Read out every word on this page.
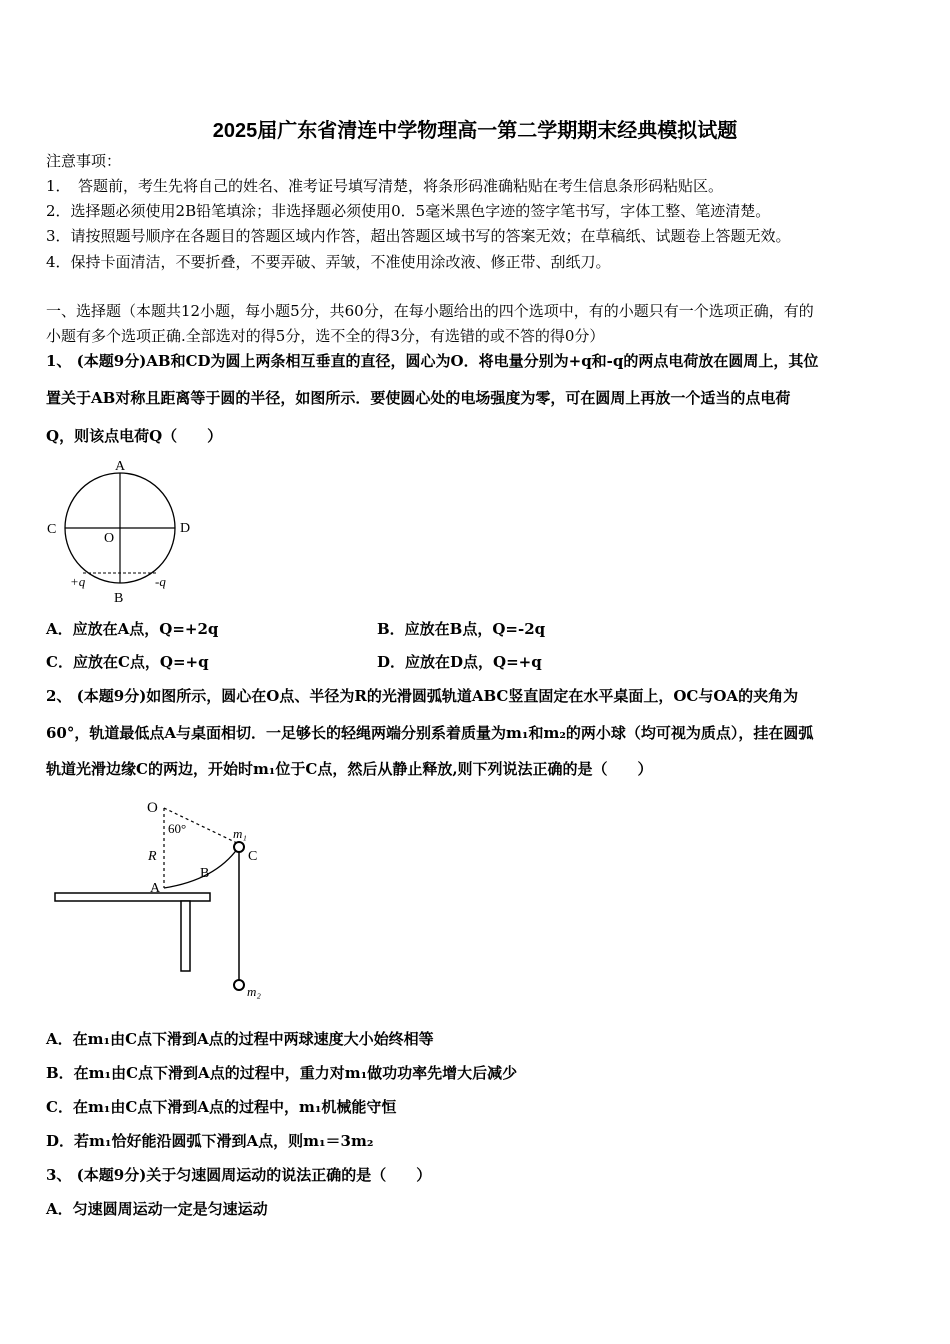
2025届广东省清连中学物理高一第二学期期末经典模拟试题
注意事项：
1．　答题前，考生先将自己的姓名、准考证号填写清楚，将条形码准确粘贴在考生信息条形码粘贴区。
2．选择题必须使用2B铅笔填涂；非选择题必须使用0．5毫米黑色字迹的签字笔书写，字体工整、笔迹清楚。
3．请按照题号顺序在各题目的答题区域内作答，超出答题区域书写的答案无效；在草稿纸、试题卷上答题无效。
4．保持卡面清洁，不要折叠，不要弄破、弄皱，不准使用涂改液、修正带、刮纸刀。
一、选择题（本题共12小题，每小题5分，共60分，在每小题给出的四个选项中，有的小题只有一个选项正确，有的
小题有多个选项正确.全部选对的得5分，选不全的得3分，有选错的或不答的得0分）
1、 (本题9分)AB和CD为圆上两条相互垂直的直径，圆心为O．将电量分别为+q和-q的两点电荷放在圆周上，其位
置关于AB对称且距离等于圆的半径，如图所示．要使圆心处的电场强度为零，可在圆周上再放一个适当的点电荷
Q，则该点电荷Q（　　）
A
B
C	D
O
+q	-q
A．应放在A点，Q=+2q	B．应放在B点，Q=-2q
C．应放在C点，Q=+q	D．应放在D点，Q=+q
2、 (本题9分)如图所示，圆心在O点、半径为R的光滑圆弧轨道ABC竖直固定在水平桌面上，OC与OA的夹角为
60°，轨道最低点A与桌面相切．一足够长的轻绳两端分别系着质量为m₁和m₂的两小球（均可视为质点），挂在圆弧
轨道光滑边缘C的两边，开始时m₁位于C点，然后从静止释放,则下列说法正确的是（　　）
O
60°
R
A
B
C
m₁
m₂
A．在m₁由C点下滑到A点的过程中两球速度大小始终相等
B．在m₁由C点下滑到A点的过程中，重力对m₁做功功率先增大后减少
C．在m₁由C点下滑到A点的过程中，m₁机械能守恒
D．若m₁恰好能沿圆弧下滑到A点，则m₁＝3m₂
3、 (本题9分)关于匀速圆周运动的说法正确的是（　　）
A．匀速圆周运动一定是匀速运动
